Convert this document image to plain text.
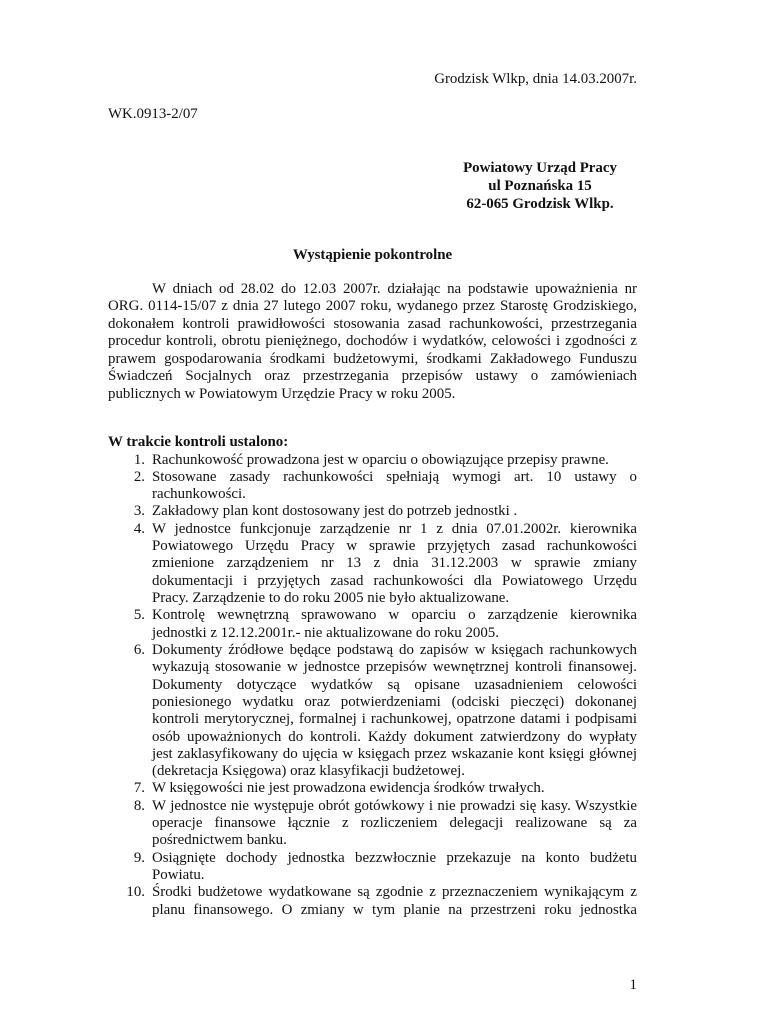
Grodzisk Wlkp, dnia 14.03.2007r.
WK.0913-2/07
Powiatowy Urząd Pracy
ul Poznańska 15
62-065 Grodzisk Wlkp.
Wystąpienie pokontrolne
W dniach od 28.02 do 12.03 2007r. działając na podstawie upoważnienia nr
ORG. 0114-15/07 z dnia 27 lutego 2007 roku, wydanego przez Starostę Grodziskiego,
dokonałem kontroli prawidłowości stosowania zasad rachunkowości, przestrzegania
procedur kontroli, obrotu pieniężnego, dochodów i wydatków, celowości i zgodności z
prawem gospodarowania środkami budżetowymi, środkami Zakładowego Funduszu
Świadczeń Socjalnych oraz przestrzegania przepisów ustawy o zamówieniach
publicznych w Powiatowym Urzędzie Pracy w roku 2005.
W trakcie kontroli ustalono:
1. Rachunkowość prowadzona jest w oparciu o obowiązujące przepisy prawne.
2. Stosowane zasady rachunkowości spełniają wymogi art. 10 ustawy o
rachunkowości.
3. Zakładowy plan kont dostosowany jest do potrzeb jednostki .
4. W jednostce funkcjonuje zarządzenie nr 1 z dnia 07.01.2002r. kierownika
Powiatowego Urzędu Pracy w sprawie przyjętych zasad rachunkowości
zmienione zarządzeniem nr 13 z dnia 31.12.2003 w sprawie zmiany
dokumentacji i przyjętych zasad rachunkowości dla Powiatowego Urzędu
Pracy. Zarządzenie to do roku 2005 nie było aktualizowane.
5. Kontrolę wewnętrzną sprawowano w oparciu o zarządzenie kierownika
jednostki z 12.12.2001r.- nie aktualizowane do roku 2005.
6. Dokumenty źródłowe będące podstawą do zapisów w księgach rachunkowych
wykazują stosowanie w jednostce przepisów wewnętrznej kontroli finansowej.
Dokumenty dotyczące wydatków są opisane uzasadnieniem celowości
poniesionego wydatku oraz potwierdzeniami (odciski pieczęci) dokonanej
kontroli merytorycznej, formalnej i rachunkowej, opatrzone datami i podpisami
osób upoważnionych do kontroli. Każdy dokument zatwierdzony do wypłaty
jest zaklasyfikowany do ujęcia w księgach przez wskazanie kont księgi głównej
(dekretacja Księgowa) oraz klasyfikacji budżetowej.
7. W księgowości nie jest prowadzona ewidencja środków trwałych.
8. W jednostce nie występuje obrót gotówkowy i nie prowadzi się kasy. Wszystkie
operacje finansowe łącznie z rozliczeniem delegacji realizowane są za
pośrednictwem banku.
9. Osiągnięte dochody jednostka bezzwłocznie przekazuje na konto budżetu
Powiatu.
10. Środki budżetowe wydatkowane są zgodnie z przeznaczeniem wynikającym z
planu finansowego. O zmiany w tym planie na przestrzeni roku jednostka
1
